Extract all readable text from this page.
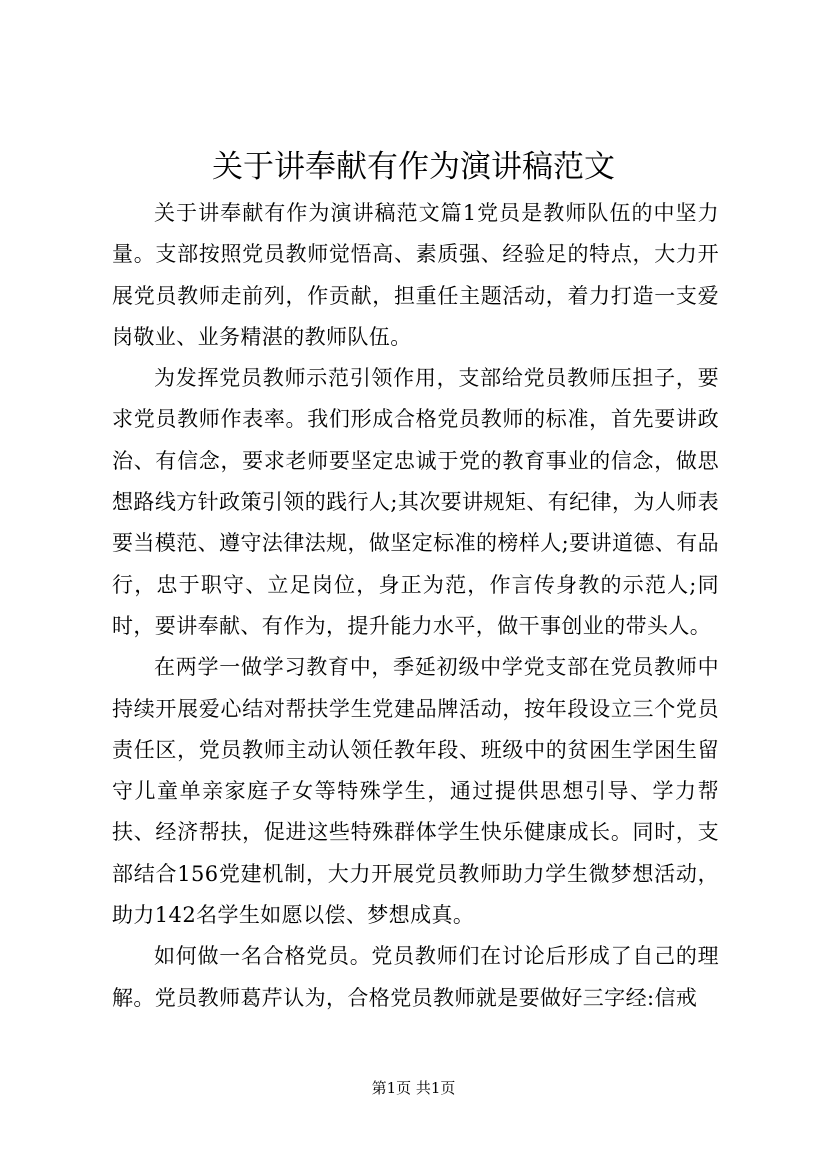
关于讲奉献有作为演讲稿范文

关于讲奉献有作为演讲稿范文篇1党员是教师队伍的中坚力量。支部按照党员教师觉悟高、素质强、经验足的特点，大力开展党员教师走前列，作贡献，担重任主题活动，着力打造一支爱岗敬业、业务精湛的教师队伍。

为发挥党员教师示范引领作用，支部给党员教师压担子，要求党员教师作表率。我们形成合格党员教师的标准，首先要讲政治、有信念，要求老师要坚定忠诚于党的教育事业的信念，做思想路线方针政策引领的践行人;其次要讲规矩、有纪律，为人师表要当模范、遵守法律法规，做坚定标准的榜样人;要讲道德、有品行，忠于职守、立足岗位，身正为范，作言传身教的示范人;同时，要讲奉献、有作为，提升能力水平，做干事创业的带头人。

在两学一做学习教育中，季延初级中学党支部在党员教师中持续开展爱心结对帮扶学生党建品牌活动，按年段设立三个党员责任区，党员教师主动认领任教年段、班级中的贫困生学困生留守儿童单亲家庭子女等特殊学生，通过提供思想引导、学力帮扶、经济帮扶，促进这些特殊群体学生快乐健康成长。同时，支部结合156党建机制，大力开展党员教师助力学生微梦想活动，助力142名学生如愿以偿、梦想成真。

如何做一名合格党员。党员教师们在讨论后形成了自己的理解。党员教师葛芹认为，合格党员教师就是要做好三字经:信戒

第1页 共1页
